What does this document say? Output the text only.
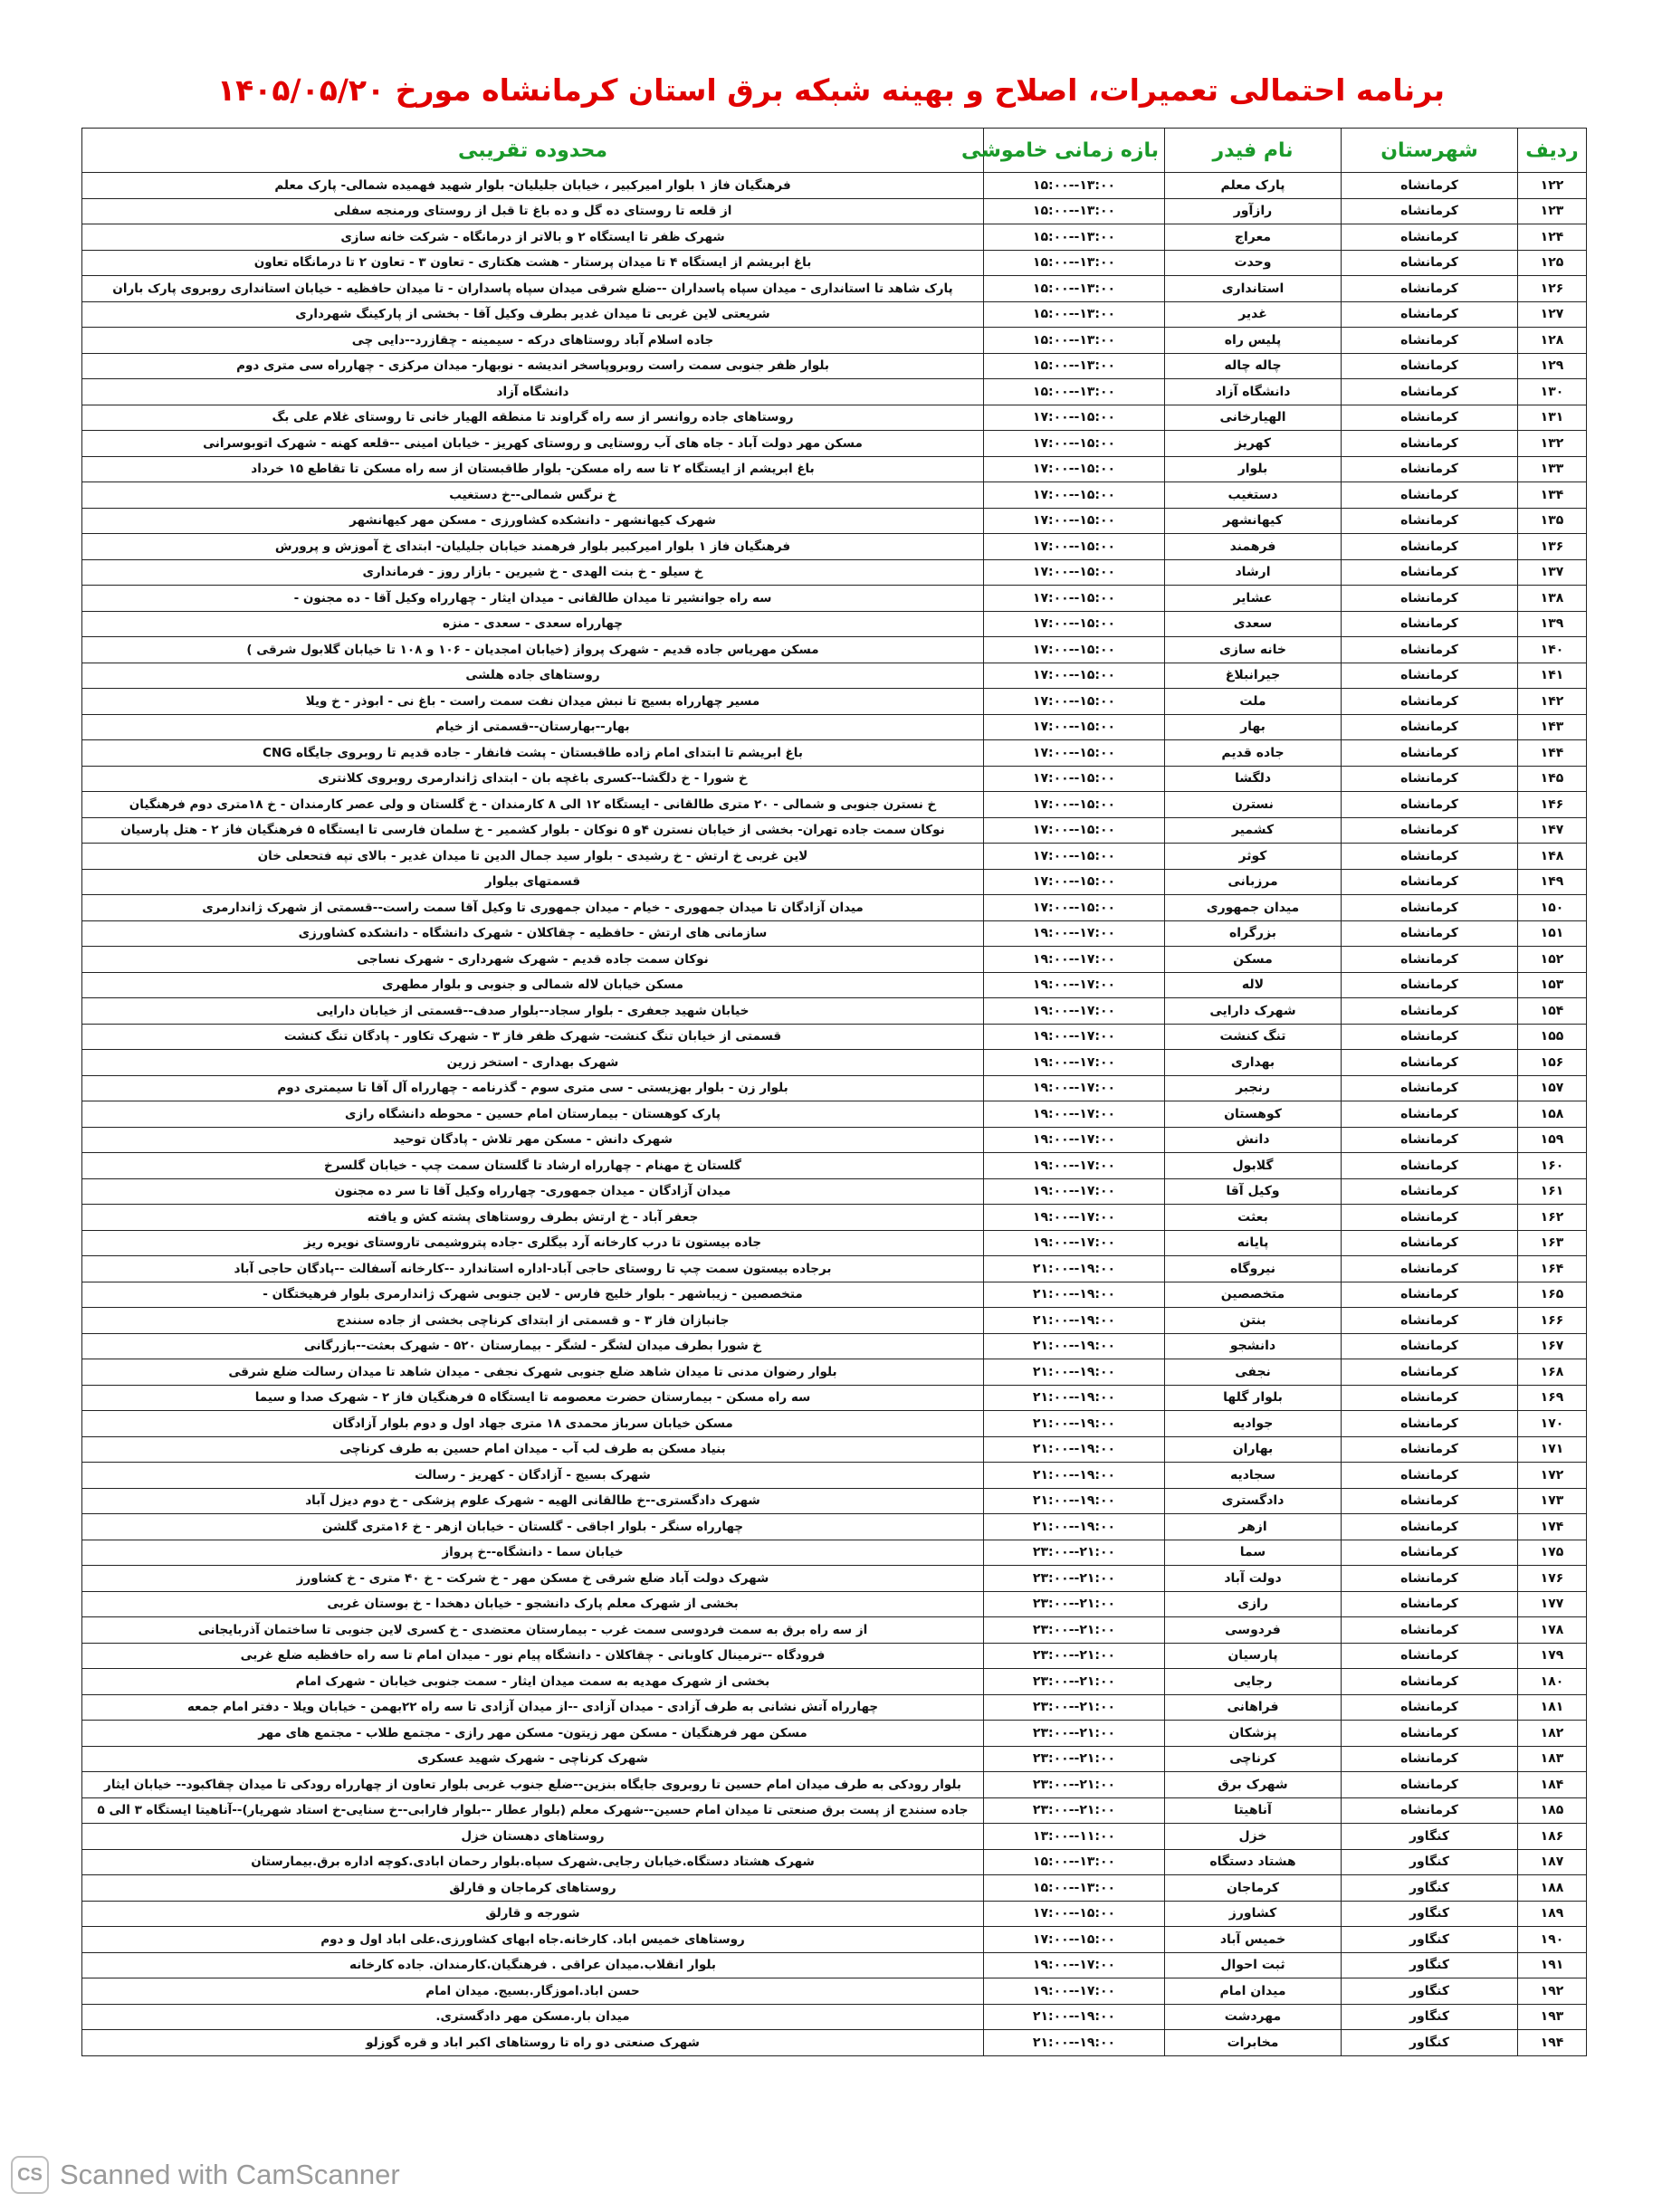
برنامه احتمالی تعمیرات، اصلاح و بهینه شبکه برق استان کرمانشاه مورخ ۱۴۰۵/۰۵/۲۰
ردیف	شهرستان	نام فیدر	بازه زمانی خاموشی	محدوده تقریبی
۱۲۲	کرمانشاه	پارک معلم	۱۳:۰۰--۱۵:۰۰	فرهنگیان فاز ۱ بلوار امیرکبیر ، خیابان جلیلیان- بلوار شهید فهمیده شمالی- پارک معلم
۱۲۳	کرمانشاه	رازآور	۱۳:۰۰--۱۵:۰۰	از قلعه تا روستای ده گل و ده باغ تا قبل از روستای ورمنجه سفلی
۱۲۴	کرمانشاه	معراج	۱۳:۰۰--۱۵:۰۰	شهرک ظفر تا ایستگاه ۲ و بالاتر از درمانگاه - شرکت خانه سازی
۱۲۵	کرمانشاه	وحدت	۱۳:۰۰--۱۵:۰۰	باغ ابریشم از ایستگاه ۴ تا میدان پرستار - هشت هکتاری - تعاون ۳ - تعاون ۲ تا درمانگاه تعاون
۱۲۶	کرمانشاه	استانداری	۱۳:۰۰--۱۵:۰۰	پارک شاهد تا استانداری - میدان سپاه پاسداران --ضلع شرقی میدان سپاه پاسداران - تا میدان حافظیه - خیابان استانداری روبروی پارک باران
۱۲۷	کرمانشاه	غدیر	۱۳:۰۰--۱۵:۰۰	شریعتی لاین غربی تا میدان غدیر بطرف وکیل آقا - بخشی از پارکینگ شهرداری
۱۲۸	کرمانشاه	پلیس راه	۱۳:۰۰--۱۵:۰۰	جاده اسلام آباد روستاهای درکه - سیمینه - چقازرد--دایی چی
۱۲۹	کرمانشاه	چاله چاله	۱۳:۰۰--۱۵:۰۰	بلوار ظفر جنوبی سمت راست روبروپاسخر اندیشه - نوبهار- میدان مرکزی - چهارراه سی متری دوم
۱۳۰	کرمانشاه	دانشگاه آزاد	۱۳:۰۰--۱۵:۰۰	دانشگاه آزاد
۱۳۱	کرمانشاه	الهیارخانی	۱۵:۰۰--۱۷:۰۰	روستاهای جاده روانسر از سه راه گراوند تا منطقه الهیار خانی تا روستای غلام علی بگ
۱۳۲	کرمانشاه	کهریز	۱۵:۰۰--۱۷:۰۰	مسکن مهر دولت آباد - جاه های آب روستایی و روستای کهریز - خیابان امینی --قلعه کهنه - شهرک اتوبوسرانی
۱۳۳	کرمانشاه	بلوار	۱۵:۰۰--۱۷:۰۰	باغ ابریشم از ایستگاه ۲ تا سه راه مسکن- بلوار طاقبستان از سه راه مسکن تا تقاطع ۱۵ خرداد
۱۳۴	کرمانشاه	دستغیب	۱۵:۰۰--۱۷:۰۰	خ نرگس شمالی--خ دستغیب
۱۳۵	کرمانشاه	کیهانشهر	۱۵:۰۰--۱۷:۰۰	شهرک کیهانشهر - دانشکده کشاورزی - مسکن مهر کیهانشهر
۱۳۶	کرمانشاه	فرهمند	۱۵:۰۰--۱۷:۰۰	فرهنگیان فاز ۱ بلوار امیرکبیر بلوار فرهمند خیابان جلیلیان- ابتدای خ آموزش و پرورش
۱۳۷	کرمانشاه	ارشاد	۱۵:۰۰--۱۷:۰۰	خ سیلو - خ بنت الهدی - خ شیرین - بازار روز - فرمانداری
۱۳۸	کرمانشاه	عشایر	۱۵:۰۰--۱۷:۰۰	سه راه جوانشیر تا میدان طالقانی - میدان ایثار - چهارراه وکیل آقا - ده مجنون -
۱۳۹	کرمانشاه	سعدی	۱۵:۰۰--۱۷:۰۰	چهارراه سعدی - سعدی - منزه
۱۴۰	کرمانشاه	خانه سازی	۱۵:۰۰--۱۷:۰۰	مسکن مهریاس جاده قدیم - شهرک پرواز (خیابان امجدیان - ۱۰۶ و ۱۰۸ تا خیابان گلابول شرقی )
۱۴۱	کرمانشاه	جیرانبلاغ	۱۵:۰۰--۱۷:۰۰	روستاهای جاده هلشی
۱۴۲	کرمانشاه	ملت	۱۵:۰۰--۱۷:۰۰	مسیر چهارراه بسیج تا نبش میدان نفت سمت راست - باغ نی - ابوذر - خ ویلا
۱۴۳	کرمانشاه	بهار	۱۵:۰۰--۱۷:۰۰	بهار--بهارستان--قسمتی از خیام
۱۴۴	کرمانشاه	جاده قدیم	۱۵:۰۰--۱۷:۰۰	باغ ابریشم تا ابتدای امام زاده طاقبستان - پشت فانفار - جاده قدیم تا روبروی جایگاه CNG
۱۴۵	کرمانشاه	دلگشا	۱۵:۰۰--۱۷:۰۰	خ شورا - خ دلگشا--کسری باغچه بان - ابتدای ژاندارمری روبروی کلانتری
۱۴۶	کرمانشاه	نسترن	۱۵:۰۰--۱۷:۰۰	خ نسترن جنوبی و شمالی - ۲۰ متری طالقانی - ایستگاه ۱۲ الی ۸ کارمندان - خ گلستان و ولی عصر کارمندان - خ ۱۸متری دوم فرهنگیان
۱۴۷	کرمانشاه	کشمیر	۱۵:۰۰--۱۷:۰۰	نوکان سمت جاده تهران- بخشی از خیابان نسترن ۴و ۵ نوکان - بلوار کشمیر - خ سلمان فارسی تا ایستگاه ۵ فرهنگیان فاز ۲ - هتل پارسیان
۱۴۸	کرمانشاه	کوثر	۱۵:۰۰--۱۷:۰۰	لاین غربی خ ارتش - خ رشیدی - بلوار سید جمال الدین تا میدان غدیر - بالای تپه فتحعلی خان
۱۴۹	کرمانشاه	مرزبانی	۱۵:۰۰--۱۷:۰۰	قسمتهای بیلوار
۱۵۰	کرمانشاه	میدان جمهوری	۱۵:۰۰--۱۷:۰۰	میدان آزادگان تا میدان جمهوری - خیام - میدان جمهوری تا وکیل آقا سمت راست--قسمتی از شهرک ژاندارمری
۱۵۱	کرمانشاه	بزرگراه	۱۷:۰۰--۱۹:۰۰	سازمانی های ارتش - حافظیه - چقاکلان - شهرک دانشگاه - دانشکده کشاورزی
۱۵۲	کرمانشاه	مسکن	۱۷:۰۰--۱۹:۰۰	نوکان سمت جاده قدیم - شهرک شهرداری - شهرک نساجی
۱۵۳	کرمانشاه	لاله	۱۷:۰۰--۱۹:۰۰	مسکن خیابان لاله شمالی و جنوبی و بلوار مطهری
۱۵۴	کرمانشاه	شهرک دارایی	۱۷:۰۰--۱۹:۰۰	خیابان شهید جعفری - بلوار سجاد--بلوار صدف--قسمتی از خیابان دارایی
۱۵۵	کرمانشاه	تنگ کنشت	۱۷:۰۰--۱۹:۰۰	قسمتی از خیابان تنگ کنشت- شهرک ظفر فاز ۳ - شهرک تکاور - پادگان تنگ کنشت
۱۵۶	کرمانشاه	بهداری	۱۷:۰۰--۱۹:۰۰	شهرک بهداری - استخر زرین
۱۵۷	کرمانشاه	رنجبر	۱۷:۰۰--۱۹:۰۰	بلوار زن - بلوار بهزیستی - سی متری سوم - گذرنامه - چهارراه آل آقا تا سیمتری دوم
۱۵۸	کرمانشاه	کوهستان	۱۷:۰۰--۱۹:۰۰	پارک کوهستان - بیمارستان امام حسین - محوطه دانشگاه رازی
۱۵۹	کرمانشاه	دانش	۱۷:۰۰--۱۹:۰۰	شهرک دانش - مسکن مهر تلاش - پادگان توحید
۱۶۰	کرمانشاه	گلابول	۱۷:۰۰--۱۹:۰۰	گلستان خ مهنام - چهارراه ارشاد تا گلستان سمت چپ - خیابان گلسرخ
۱۶۱	کرمانشاه	وکیل آقا	۱۷:۰۰--۱۹:۰۰	میدان آزادگان - میدان جمهوری- چهارراه وکیل آقا تا سر ده مجنون
۱۶۲	کرمانشاه	بعثت	۱۷:۰۰--۱۹:۰۰	جعفر آباد - خ ارتش بطرف روستاهای پشته کش و یافته
۱۶۳	کرمانشاه	پایانه	۱۷:۰۰--۱۹:۰۰	جاده بیستون تا درب کارخانه آرد بیگلری -جاده پتروشیمی تاروستای نویره ریز
۱۶۴	کرمانشاه	نیروگاه	۱۹:۰۰--۲۱:۰۰	برجاده بیستون سمت چپ تا روستای حاجی آباد-اداره استاندارد --کارخانه آسفالت --پادگان حاجی آباد
۱۶۵	کرمانشاه	متخصصین	۱۹:۰۰--۲۱:۰۰	متخصصین - زیباشهر - بلوار خلیج فارس - لاین جنوبی شهرک ژاندارمری بلوار فرهیختگان -
۱۶۶	کرمانشاه	بنتن	۱۹:۰۰--۲۱:۰۰	جانبازان فاز ۳ - و قسمتی از ابتدای کرناچی بخشی از جاده سنندج
۱۶۷	کرمانشاه	دانشجو	۱۹:۰۰--۲۱:۰۰	خ شورا بطرف میدان لشگر - لشگر - بیمارستان ۵۲۰ - شهرک بعثت--بازرگانی
۱۶۸	کرمانشاه	نجفی	۱۹:۰۰--۲۱:۰۰	بلوار رضوان مدنی تا میدان شاهد ضلع جنوبی شهرک نجفی - میدان شاهد تا میدان رسالت ضلع شرقی
۱۶۹	کرمانشاه	بلوار گلها	۱۹:۰۰--۲۱:۰۰	سه راه مسکن - بیمارستان حضرت معصومه تا ایستگاه ۵ فرهنگیان فاز ۲ - شهرک صدا و سیما
۱۷۰	کرمانشاه	جوادیه	۱۹:۰۰--۲۱:۰۰	مسکن خیابان سرباز محمدی ۱۸ متری جهاد اول و دوم بلوار آزادگان
۱۷۱	کرمانشاه	بهاران	۱۹:۰۰--۲۱:۰۰	بنیاد مسکن به طرف لب آب - میدان امام حسین به طرف کرناچی
۱۷۲	کرمانشاه	سجادیه	۱۹:۰۰--۲۱:۰۰	شهرک بسیج - آزادگان - کهریز - رسالت
۱۷۳	کرمانشاه	دادگستری	۱۹:۰۰--۲۱:۰۰	شهرک دادگستری--خ طالقانی الهیه - شهرک علوم پزشکی - خ دوم دیزل آباد
۱۷۴	کرمانشاه	ازهر	۱۹:۰۰--۲۱:۰۰	چهارراه سنگر - بلوار اجاقی - گلستان - خیابان ازهر - خ ۱۶متری گلشن
۱۷۵	کرمانشاه	سما	۲۱:۰۰--۲۳:۰۰	خیابان سما - دانشگاه--خ پرواز
۱۷۶	کرمانشاه	دولت آباد	۲۱:۰۰--۲۳:۰۰	شهرک دولت آباد ضلع شرقی خ مسکن مهر - خ شرکت - خ ۴۰ متری - خ کشاورز
۱۷۷	کرمانشاه	رازی	۲۱:۰۰--۲۳:۰۰	بخشی از شهرک معلم پارک دانشجو - خیابان دهخدا - خ بوستان غربی
۱۷۸	کرمانشاه	فردوسی	۲۱:۰۰--۲۳:۰۰	از سه راه برق به سمت فردوسی سمت غرب - بیمارستان معتضدی - خ کسری لاین جنوبی تا ساختمان آذربایجانی
۱۷۹	کرمانشاه	پارسیان	۲۱:۰۰--۲۳:۰۰	فرودگاه --ترمینال کاوبانی - چقاکلان - دانشگاه پیام نور - میدان امام تا سه راه حافظیه ضلع غربی
۱۸۰	کرمانشاه	رجایی	۲۱:۰۰--۲۳:۰۰	بخشی از شهرک مهدیه به سمت میدان ایثار - سمت جنوبی خیابان - شهرک امام
۱۸۱	کرمانشاه	فراهانی	۲۱:۰۰--۲۳:۰۰	چهارراه آتش نشانی به طرف آزادی - میدان آزادی --از میدان آزادی تا سه راه ۲۲بهمن - خیابان ویلا - دفتر امام جمعه
۱۸۲	کرمانشاه	پزشکان	۲۱:۰۰--۲۳:۰۰	مسکن مهر فرهنگیان - مسکن مهر زیتون- مسکن مهر رازی - مجتمع طلاب - مجتمع های مهر
۱۸۳	کرمانشاه	کرناچی	۲۱:۰۰--۲۳:۰۰	شهرک کرناچی - شهرک شهید عسکری
۱۸۴	کرمانشاه	شهرک برق	۲۱:۰۰--۲۳:۰۰	بلوار رودکی به طرف میدان امام حسین تا روبروی جایگاه بنزین--ضلع جنوب غربی بلوار تعاون از چهارراه رودکی تا میدان چقاکبود-- خیابان ایثار
۱۸۵	کرمانشاه	آناهیتا	۲۱:۰۰--۲۳:۰۰	جاده سنندج از پست برق صنعتی تا میدان امام حسین--شهرک معلم (بلوار عطار --بلوار فارابی--خ سنایی-خ استاد شهریار)--آناهیتا ایستگاه ۳ الی ۵
۱۸۶	کنگاور	خزل	۱۱:۰۰--۱۳:۰۰	روستاهای دهستان خزل
۱۸۷	کنگاور	هشتاد دستگاه	۱۳:۰۰--۱۵:۰۰	شهرک هشتاد دستگاه.خیابان رجایی.شهرک سپاه.بلوار رحمان ابادی.کوچه اداره برق.بیمارستان
۱۸۸	کنگاور	کرماجان	۱۳:۰۰--۱۵:۰۰	روستاهای کرماجان و قارلق
۱۸۹	کنگاور	کشاورز	۱۵:۰۰--۱۷:۰۰	شورجه و قارلق
۱۹۰	کنگاور	خمیس آباد	۱۵:۰۰--۱۷:۰۰	روستاهای خمیس اباد. کارخانه.جاه ابهای کشاورزی.علی اباد اول و دوم
۱۹۱	کنگاور	ثبت احوال	۱۷:۰۰--۱۹:۰۰	بلوار انقلاب.میدان عراقی . فرهنگیان.کارمندان. جاده کارخانه
۱۹۲	کنگاور	میدان امام	۱۷:۰۰--۱۹:۰۰	حسن اباد.اموزگار.بسیج. میدان امام
۱۹۳	کنگاور	مهردشت	۱۹:۰۰--۲۱:۰۰	میدان بار.مسکن مهر دادگستری.
۱۹۴	کنگاور	مخابرات	۱۹:۰۰--۲۱:۰۰	شهرک صنعتی دو راه تا روستاهای اکبر اباد و قره گوزلو
CS Scanned with CamScanner
